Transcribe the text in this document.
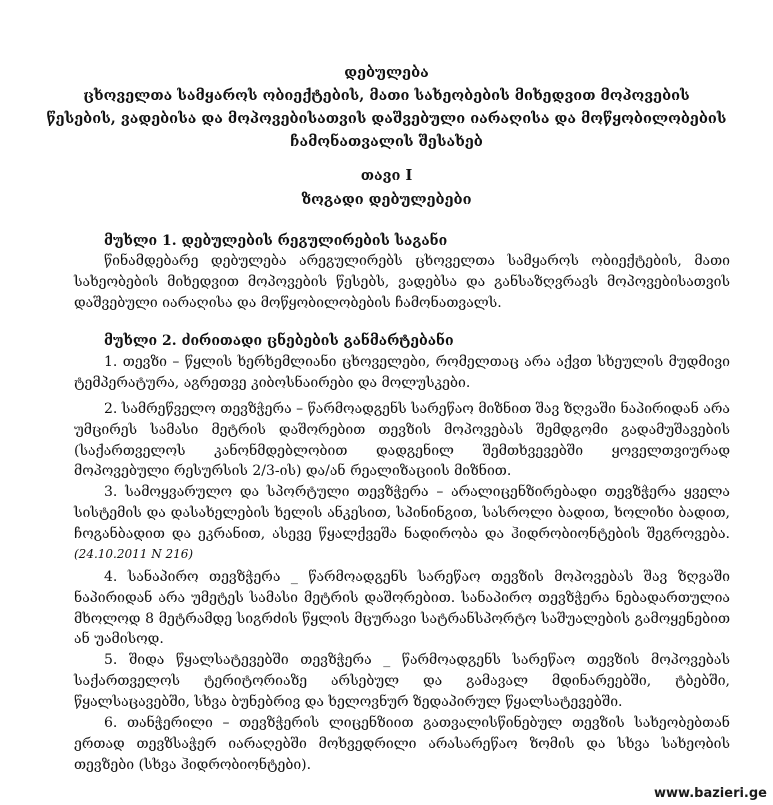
დებულება
ცხოველთა სამყაროს ობიექტების, მათი სახეობების მიხედვით მოპოვების
წესების, ვადებისა და მოპოვებისათვის დაშვებული იარაღისა და მოწყობილობების
ჩამონათვალის შესახებ
თავი I
ზოგადი დებულებები
მუხლი 1. დებულების რეგულირების საგანი
წინამდებარე დებულება არეგულირებს ცხოველთა სამყაროს ობიექტების, მათი სახეობების მიხედვით მოპოვების წესებს, ვადებსა და განსაზღვრავს მოპოვებისათვის დაშვებული იარაღისა და მოწყობილობების ჩამონათვალს.
მუხლი 2. ძირითადი ცნებების განმარტებანი
1. თევზი – წყლის ხერხემლიანი ცხოველები, რომელთაც არა აქვთ სხეულის მუდმივი ტემპერატურა, აგრეთვე კიბოსნაირები და მოლუსკები.
2. სამრეწველო თევზჭერა – წარმოადგენს სარეწაო მიზნით შავ ზღვაში ნაპირიდან არა უმცირეს სამასი მეტრის დაშორებით თევზის მოპოვებას შემდგომი გადამუშავების (საქართველოს კანონმდებლობით დადგენილ შემთხვევებში ყოველთვიურად მოპოვებული რესურსის 2/3-ის) და/ან რეალიზაციის მიზნით.
3. სამოყვარულო და სპორტული თევზჭერა – არალიცენზირებადი თევზჭერა ყველა სისტემის და დასახელების ხელის ანკესით, სპინინგით, სასროლი ბადით, ხოლიხი ბადით, ჩოგანბადით და ეკრანით, ასევე წყალქვეშა ნადირობა და ჰიდრობიონტების შეგროვება. (24.10.2011 N 216)
4. სანაპირო თევზჭერა _ წარმოადგენს სარეწაო თევზის მოპოვებას შავ ზღვაში ნაპირიდან არა უმეტეს სამასი მეტრის დაშორებით. სანაპირო თევზჭერა ნებადართულია მხოლოდ 8 მეტრამდე სიგრძის წყლის მცურავი სატრანსპორტო საშუალების გამოყენებით ან უამისოდ.
5. შიდა წყალსატევებში თევზჭერა _ წარმოადგენს სარეწაო თევზის მოპოვებას საქართველოს ტერიტორიაზე არსებულ და გამავალ მდინარეებში, ტბებში, წყალსაცავებში, სხვა ბუნებრივ და ხელოვნურ ზედაპირულ წყალსატევებში.
6. თანჭერილი – თევზჭერის ლიცენზიით გათვალისწინებულ თევზის სახეობებთან ერთად თევზსაჭერ იარაღებში მოხვედრილი არასარეწაო ზომის და სხვა სახეობის თევზები (სხვა ჰიდრობიონტები).
www.bazieri.ge
